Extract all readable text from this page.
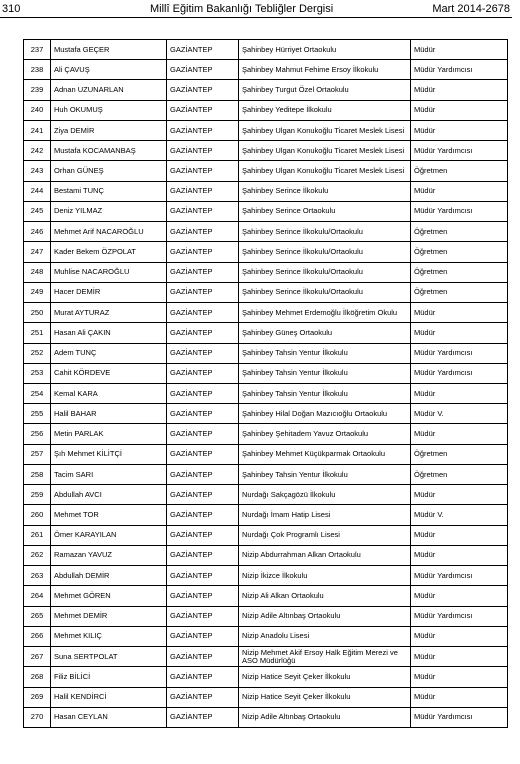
310	Millî Eğitim Bakanlığı Tebliğler Dergisi	Mart 2014-2678
237	Mustafa GEÇER	GAZİANTEP	Şahinbey Hürriyet Ortaokulu	Müdür
238	Ali ÇAVUŞ	GAZİANTEP	Şahinbey Mahmut Fehime Ersoy İlkokulu	Müdür Yardımcısı
239	Adnan UZUNARLAN	GAZİANTEP	Şahinbey Turgut Özel Ortaokulu	Müdür
240	Huh OKUMUŞ	GAZİANTEP	Şahinbey Yeditepe İlkokulu	Müdür
241	Ziya DEMİR	GAZİANTEP	Şahinbey Ulgan Konukoğlu Ticaret Meslek Lisesi	Müdür
242	Mustafa KOCAMANBAŞ	GAZİANTEP	Şahinbey Ulgan Konukoğlu Ticaret Meslek Lisesi	Müdür Yardımcısı
243	Orhan GÜNEŞ	GAZİANTEP	Şahinbey Ulgan Konukoğlu Ticaret Meslek Lisesi	Öğretmen
244	Bestami TUNÇ	GAZİANTEP	Şahinbey Serince İlkokulu	Müdür
245	Deniz YILMAZ	GAZİANTEP	Şahinbey Serince Ortaokulu	Müdür Yardımcısı
246	Mehmet Arif NACAROĞLU	GAZİANTEP	Şahinbey Serince İlkokulu/Ortaokulu	Öğretmen
247	Kader Bekem ÖZPOLAT	GAZİANTEP	Şahinbey Serince İlkokulu/Ortaokulu	Öğretmen
248	Muhlise NACAROĞLU	GAZİANTEP	Şahinbey Serince İlkokulu/Ortaokulu	Öğretmen
249	Hacer DEMİR	GAZİANTEP	Şahinbey Serince İlkokulu/Ortaokulu	Öğretmen
250	Murat AYTURAZ	GAZİANTEP	Şahinbey Mehmet Erdemoğlu İlköğretim Okulu	Müdür
251	Hasan Ali ÇAKIN	GAZİANTEP	Şahinbey Güneş Ortaokulu	Müdür
252	Adem TUNÇ	GAZİANTEP	Şahinbey Tahsin Yentur İlkokulu	Müdür Yardımcısı
253	Cahit KÖRDEVE	GAZİANTEP	Şahinbey Tahsin Yentur İlkokulu	Müdür Yardımcısı
254	Kemal KARA	GAZİANTEP	Şahinbey Tahsin Yentur İlkokulu	Müdür
255	Halil BAHAR	GAZİANTEP	Şahinbey Hilal Doğan Mazıcıoğlu Ortaokulu	Müdür V.
256	Metin PARLAK	GAZİANTEP	Şahinbey Şehitadem Yavuz Ortaokulu	Müdür
257	Şıh Mehmet KİLİTÇİ	GAZİANTEP	Şahinbey Mehmet Küçükparmak Ortaokulu	Öğretmen
258	Tacim SARI	GAZİANTEP	Şahinbey Tahsin Yentur İlkokulu	Öğretmen
259	Abdullah AVCI	GAZİANTEP	Nurdağı Sakçagözü İlkokulu	Müdür
260	Mehmet TOR	GAZİANTEP	Nurdağı İmam Hatip Lisesi	Müdür V.
261	Ömer KARAYILAN	GAZİANTEP	Nurdağı Çok Programlı Lisesi	Müdür
262	Ramazan YAVUZ	GAZİANTEP	Nizip Abdurrahman Alkan Ortaokulu	Müdür
263	Abdullah DEMİR	GAZİANTEP	Nizip İkizce İlkokulu	Müdür Yardımcısı
264	Mehmet GÖREN	GAZİANTEP	Nizip Ali Alkan Ortaokulu	Müdür
265	Mehmet DEMİR	GAZİANTEP	Nizip Adile Altınbaş Ortaokulu	Müdür Yardımcısı
266	Mehmet KILIÇ	GAZİANTEP	Nizip Anadolu Lisesi	Müdür
267	Suna SERTPOLAT	GAZİANTEP	Nizip Mehmet Akif Ersoy Halk Eğitim Merezi ve ASO Müdürlüğü	Müdür
268	Filiz BİLİCİ	GAZİANTEP	Nizip Hatice Seyit Çeker İlkokulu	Müdür
269	Halil KENDİRCİ	GAZİANTEP	Nizip Hatice Seyit Çeker İlkokulu	Müdür
270	Hasan CEYLAN	GAZİANTEP	Nizip Adile Altınbaş Ortaokulu	Müdür Yardımcısı
